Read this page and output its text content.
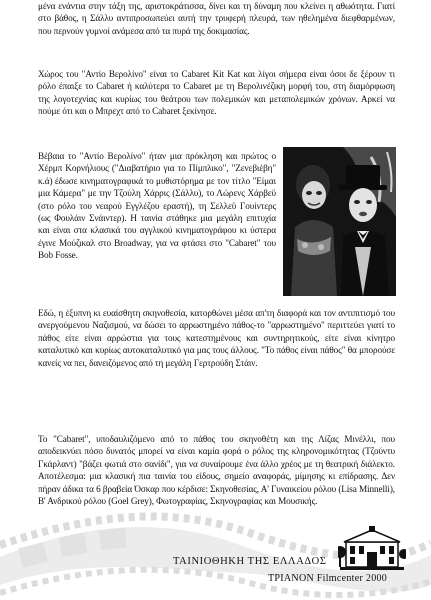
μένα ενάντια στην τάξη της, αριστοκράτισσα, δίνει και τη δύναμη που κλείνει η αθωότητα. Γιατί στο βάθος, η Σάλλυ αντιπροσωπεύει αυτή την τρυφερή πλευρά, των ηθελημένα διεφθαρμένων, που περνούν γυμνοί ανάμεσα από τα πυρά της δοκιμασίας.

Χώρος του "Αντίο Βερολίνο" είναι το Cabaret Kit Kat και λίγοι σήμερα είναι όσοι δε ξέρουν τι ρόλο έπαιξε το Cabaret ή καλύτερα το Cabaret με τη Βερολινέζικη μορφή του, στη διαμόρφωση της λογοτεχνίας και κυρίως του θεάτρου των πολεμικών και μεταπολεμικών χρόνων. Αρκεί να πούμε ότι και ο Μπρεχτ από το Cabaret ξεκίνησε.

Βέβαια το "Αντίο Βερολίνο" ήταν μια πρόκληση και πρώτος ο Χέρμπ Κορνήλιους ("Διαβατήριο για το Πίμπλικο", "Ζενεβιέβη" κ.ά) έδωσε κινηματογραφικά το μυθιστόρημα με τον τίτλο "Είμαι μια Κάμερα" με την Τζούλη Χάρρις (Σάλλυ), το Λώρενς Χάρβεϋ (στο ρόλο του νεαρού Εγγλέζου εραστή), τη Σελλεϋ Γουίντερς (ως Φουλάιν Σνάιντερ). Η ταινία στάθηκε μια μεγάλη επιτυχία και είναι στα κλασικά του αγγλικού κινηματογράφου κι ύστερα έγινε Μούζικαλ στο Broadway, για να φτάσει στο "Cabaret" του Bob Fosse.

Εδώ, η έξυπνη κι ευαίσθητη σκηνοθεσία, κατορθώνει μέσα απ'τη διαφορά και τον αντιπιτισμό του ανεργούμενου Ναζισμού, να δώσει το αρρωστημένο πάθος-το "αρρωστημένο" περιττεύει γιατί το πάθος είτε είναι αρρώστια για τους κατεστημένους και συντηρητικούς, είτε είναι κίνητρο καταλυτικό και κυρίως αυτοκαταλυτικό για μας τους άλλους. "Το πάθος είναι πάθος" θα μπορούσε κανείς να πει, δανειζόμενος από τη μεγάλη Γερτρούδη Στάιν.

Το "Cabaret", υποδαυλιζόμενο από το πάθος του σκηνοθέτη και της Λίζας Μινέλλι, που αποδεικνύει πόσο δυνατός μπορεί να είναι καμία φορά ο ρόλος της κληρονομικότητας (Τζούντυ Γκάρλαντ) "βάζει φωτιά στο σανίδι", για να συναίρουμε ένα άλλο χρέος με τη θεατρική διάλεκτο. Αποτέλεσμα: μια κλασική πια ταινία του είδους, σημείο αναφοράς, μίμησης κι επίδρασης. Δεν πήραν άδικα τα 6 βραβεία Όσκαρ που κέρδισε: Σκηνοθεσίας, Α' Γυναικείου ρόλου (Lisa Minnelli), Β' Ανδρικού ρόλου (Goel Grey), Φωτογραφίας, Σκηνογραφίας και Μουσικής.

ΤΑΙΝΙΟΘΗΚΗ ΤΗΣ ΕΛΛΑΔΟΣ
ΤΡΙΑΝΟΝ Filmcenter 2000
